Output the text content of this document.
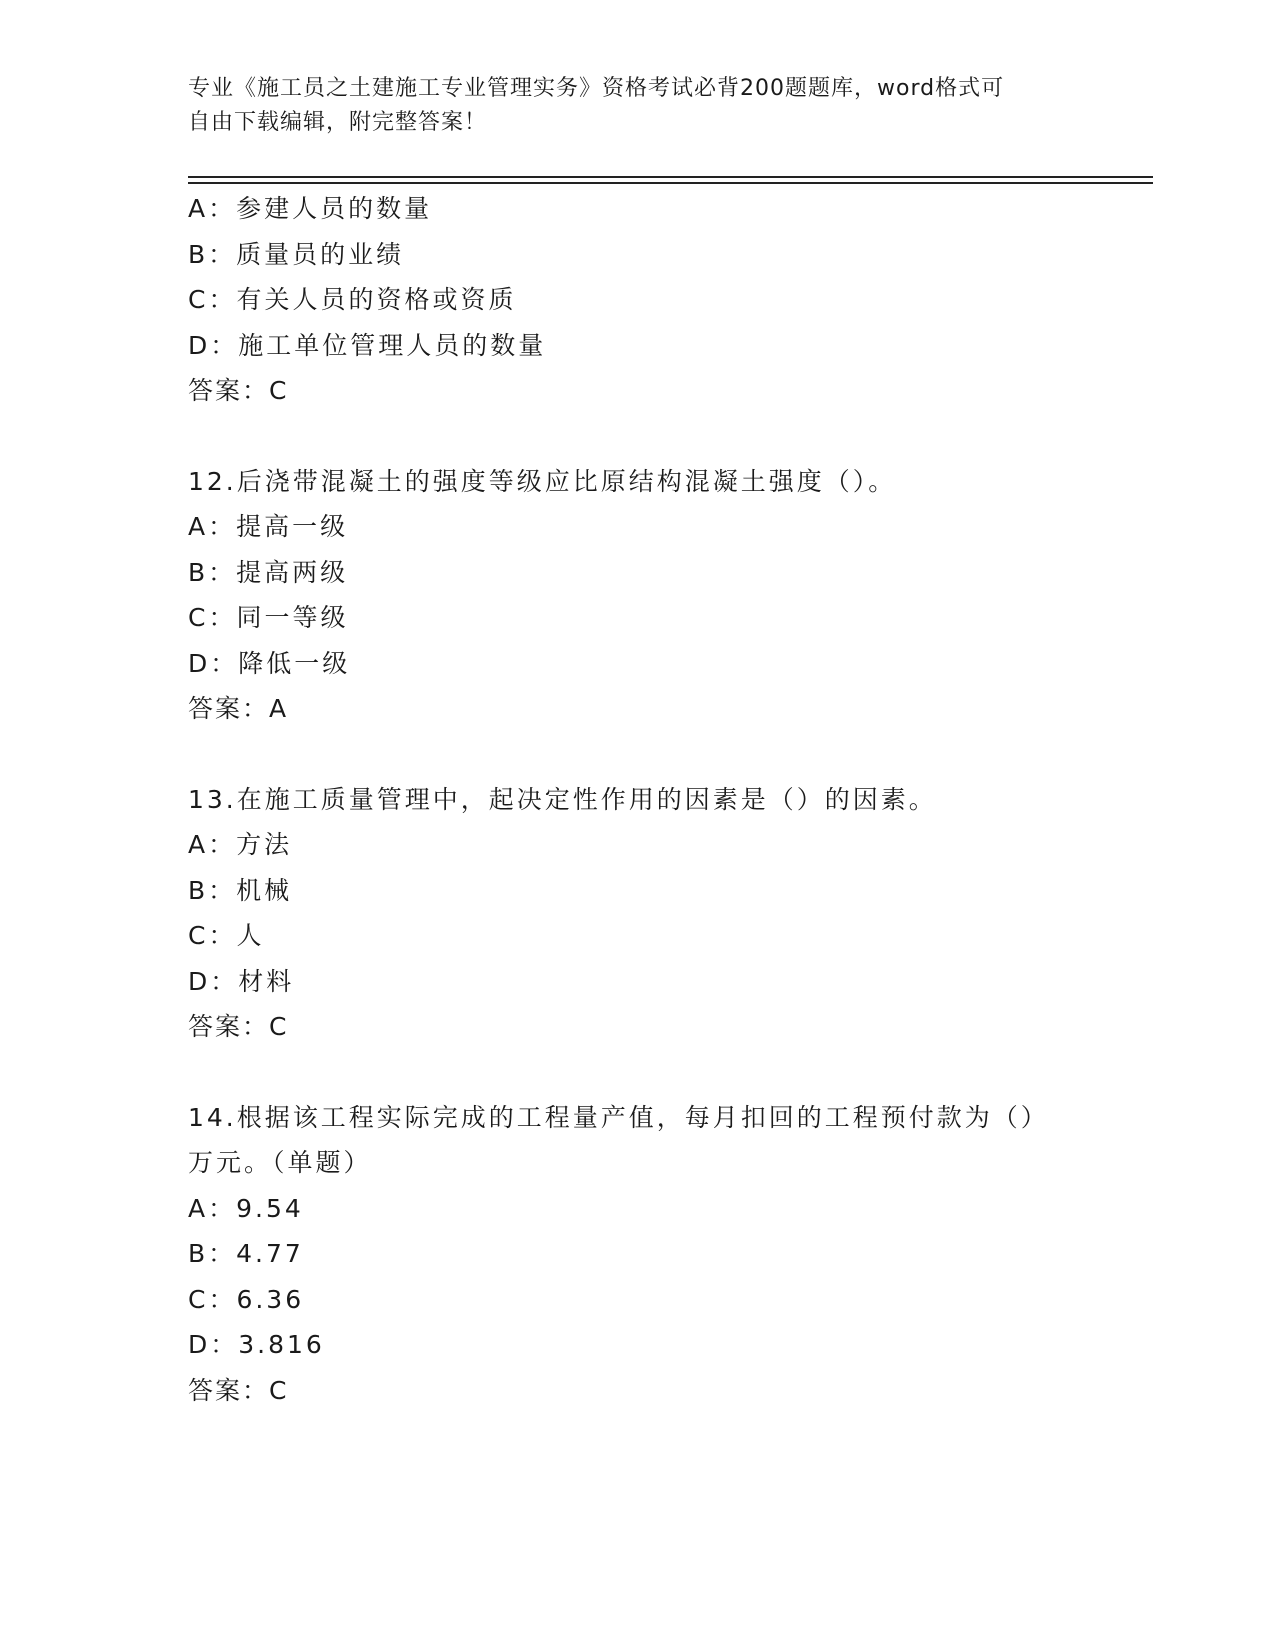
专业《施工员之土建施工专业管理实务》资格考试必背200题题库，word格式可
自由下载编辑，附完整答案！
A：参建人员的数量
B：质量员的业绩
C：有关人员的资格或资质
D：施工单位管理人员的数量
答案：C
12.后浇带混凝土的强度等级应比原结构混凝土强度（）。
A：提高一级
B：提高两级
C：同一等级
D：降低一级
答案：A
13.在施工质量管理中，起决定性作用的因素是（）的因素。
A：方法
B：机械
C：人
D：材料
答案：C
14.根据该工程实际完成的工程量产值，每月扣回的工程预付款为（）
万元。（单题）
A：9.54
B：4.77
C：6.36
D：3.816
答案：C
